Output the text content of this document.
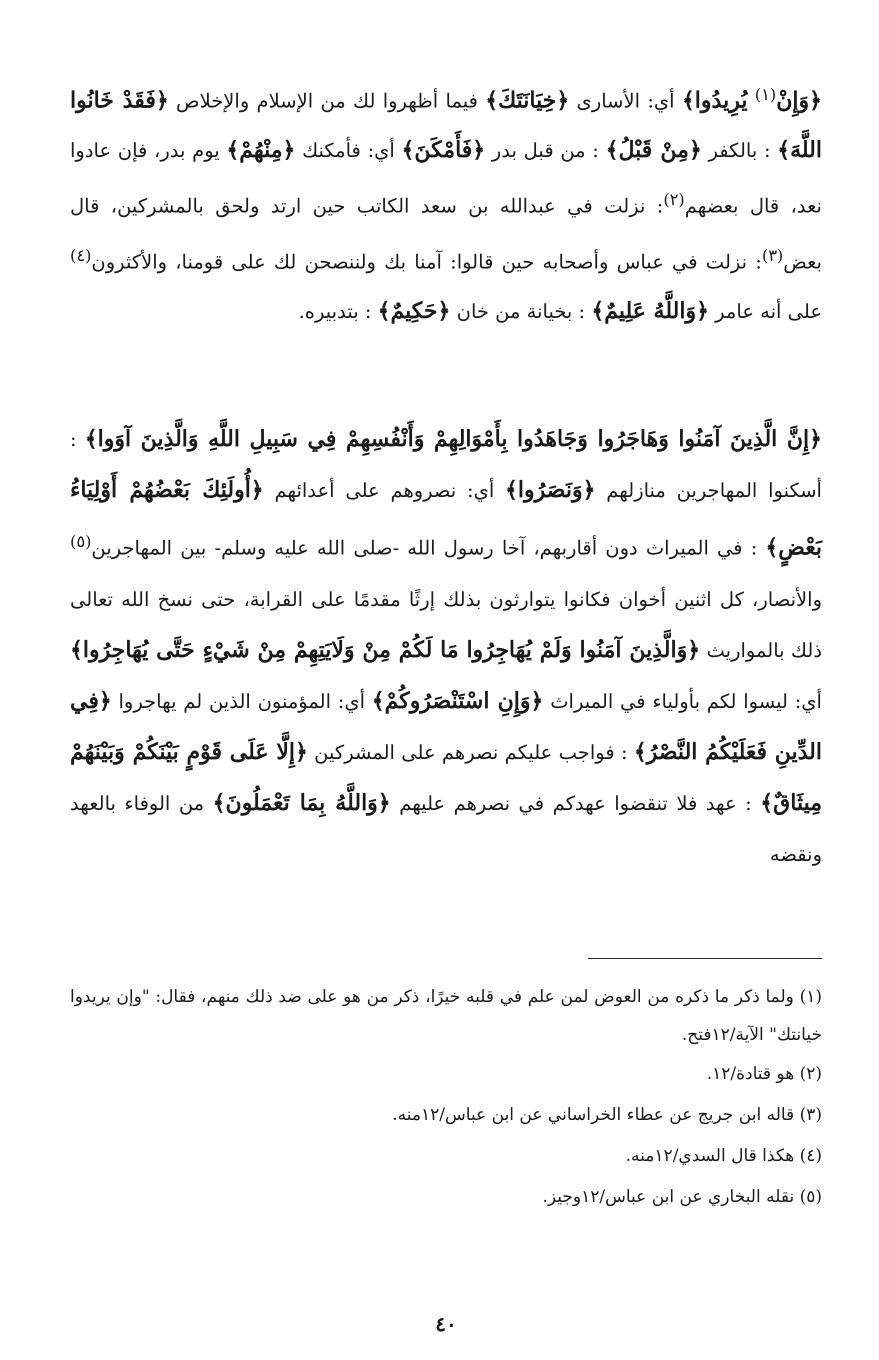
﴿وَإِنْ$^{(١)}$ يُرِيدُوا﴾ أي: الأسارى ﴿خِيَانَتَكَ﴾ فيما أظهروا لك من الإسلام والإخلاص ﴿فَقَدْ خَانُوا اللَّهَ﴾ : بالكفر ﴿مِنْ قَبْلُ﴾ : من قبل بدر ﴿فَأَمْكَنَ﴾ أي: فأمكنك ﴿مِنْهُمْ﴾ يوم بدر، فإن عادوا نعد، قال بعضهم$^{(٢)}$: نزلت في عبدالله بن سعد الكاتب حين ارتد ولحق بالمشركين، قال بعض$^{(٣)}$: نزلت في عباس وأصحابه حين قالوا: آمنا بك ولننصحن لك على قومنا، والأكثرون$^{(٤)}$ على أنه عامر ﴿وَاللَّهُ عَلِيمٌ﴾ : بخيانة من خان ﴿حَكِيمٌ﴾ : بتدبيره.

﴿إِنَّ الَّذِينَ آمَنُوا وَهَاجَرُوا وَجَاهَدُوا بِأَمْوَالِهِمْ وَأَنْفُسِهِمْ فِي سَبِيلِ اللَّهِ وَالَّذِينَ آوَوا﴾ : أسكنوا المهاجرين منازلهم ﴿وَنَصَرُوا﴾ أي: نصروهم على أعدائهم ﴿أُولَئِكَ بَعْضُهُمْ أَوْلِيَاءُ بَعْضٍ﴾ : في الميراث دون أقاربهم، آخا رسول الله -صلى الله عليه وسلم- بين المهاجرين$^{(٥)}$ والأنصار، كل اثنين أخوان فكانوا يتوارثون بذلك إرثًا مقدمًا على القرابة، حتى نسخ الله تعالى ذلك بالمواريث ﴿وَالَّذِينَ آمَنُوا وَلَمْ يُهَاجِرُوا مَا لَكُمْ مِنْ وَلَايَتِهِمْ مِنْ شَيْءٍ حَتَّى يُهَاجِرُوا﴾ أي: ليسوا لكم بأولياء في الميراث ﴿وَإِنِ اسْتَنْصَرُوكُمْ﴾ أي: المؤمنون الذين لم يهاجروا ﴿فِي الدِّينِ فَعَلَيْكُمُ النَّصْرُ﴾ : فواجب عليكم نصرهم على المشركين ﴿إِلَّا عَلَى قَوْمٍ بَيْنَكُمْ وَبَيْنَهُمْ مِيثَاقٌ﴾ : عهد فلا تنقضوا عهدكم في نصرهم عليهم ﴿وَاللَّهُ بِمَا تَعْمَلُونَ﴾ من الوفاء بالعهد ونقضه

(١) ولما ذكر ما ذكره من العوض لمن علم في قلبه خيرًا، ذكر من هو على ضد ذلك منهم، فقال: "وإن يريدوا خيانتك" الآية/١٢فتح.

(٢) هو قتادة/١٢.

(٣) قاله ابن جريج عن عطاء الخراساني عن ابن عباس/١٢منه.

(٤) هكذا قال السدي/١٢منه.

(٥) نقله البخاري عن ابن عباس/١٢وجيز.

٤٠
